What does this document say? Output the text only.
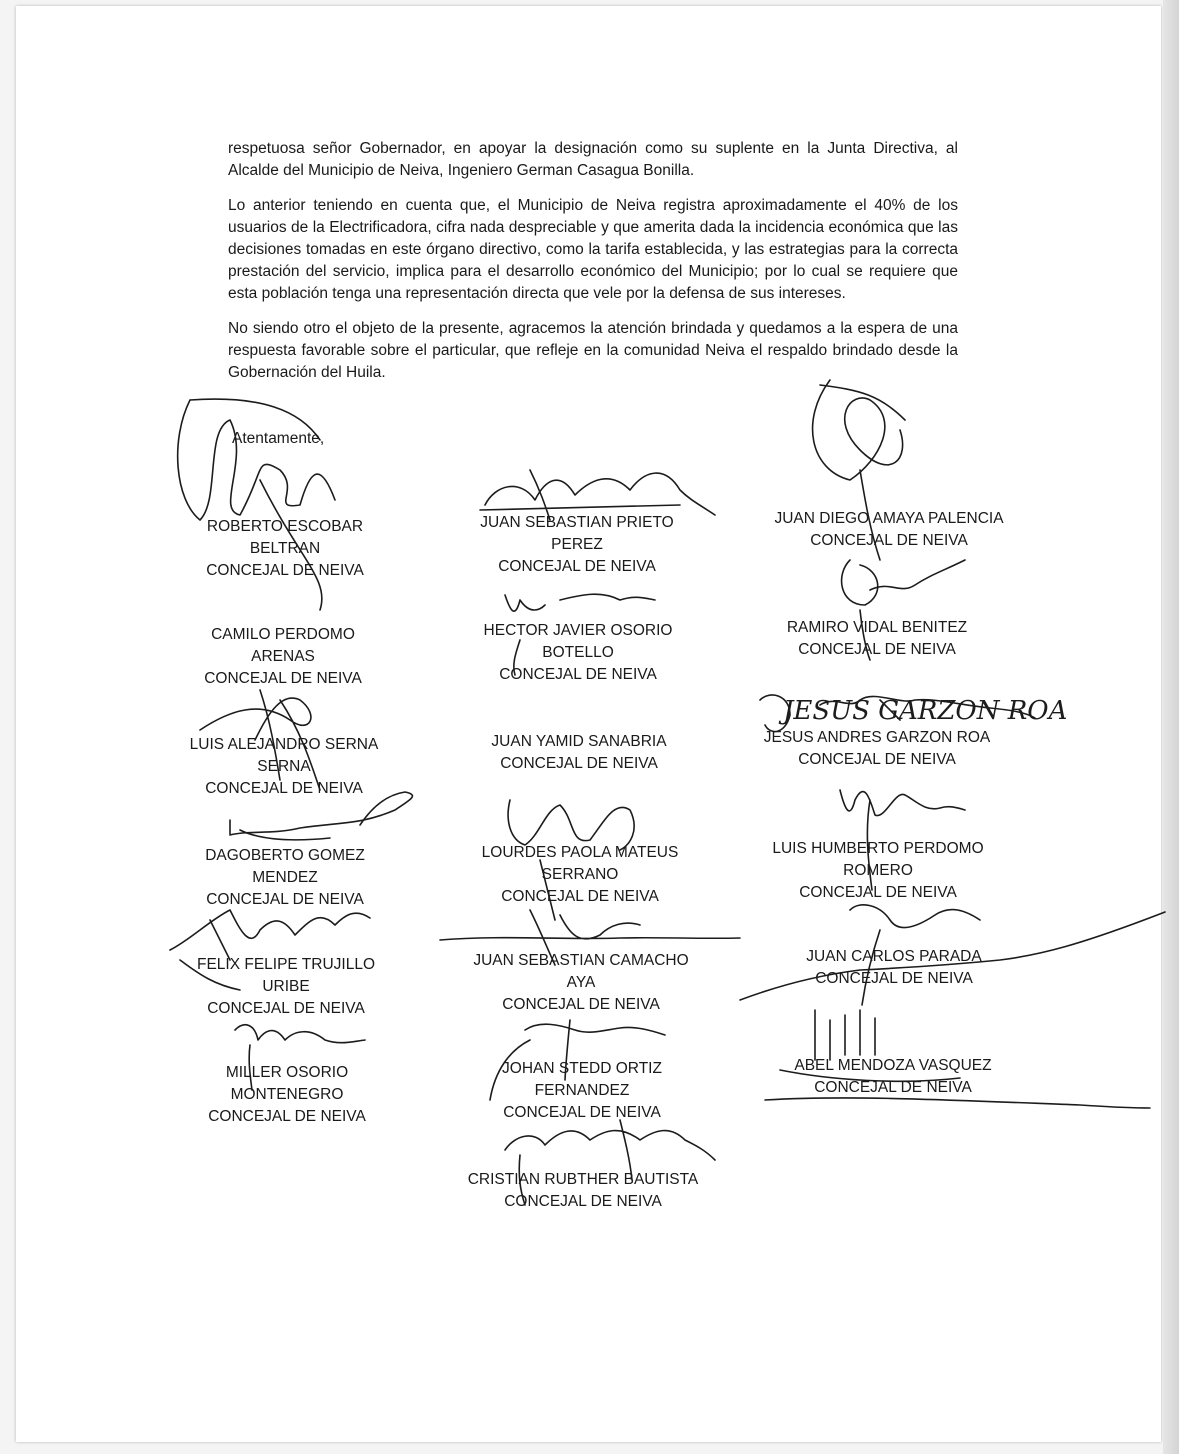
respetuosa señor Gobernador, en apoyar la designación como su suplente en la Junta Directiva, al Alcalde del Municipio de Neiva, Ingeniero German Casagua Bonilla.

Lo anterior teniendo en cuenta que, el Municipio de Neiva registra aproximadamente el 40% de los usuarios de la Electrificadora, cifra nada despreciable y que amerita dada la incidencia económica que las decisiones tomadas en este órgano directivo, como la tarifa establecida, y las estrategias para la correcta prestación del servicio, implica para el desarrollo económico del Municipio; por lo cual se requiere que esta población tenga una representación directa que vele por la defensa de sus intereses.

No siendo otro el objeto de la presente, agracemos la atención brindada y quedamos a la espera de una respuesta favorable sobre el particular, que refleje en la comunidad Neiva el respaldo brindado desde la Gobernación del Huila.

Atentamente,
ROBERTO ESCOBAR
BELTRAN
CONCEJAL DE NEIVA
JUAN SEBASTIAN PRIETO
PEREZ
CONCEJAL DE NEIVA
JUAN DIEGO AMAYA PALENCIA
CONCEJAL DE NEIVA
CAMILO PERDOMO
ARENAS
CONCEJAL DE NEIVA
HECTOR JAVIER OSORIO
BOTELLO
CONCEJAL DE NEIVA
RAMIRO VIDAL BENITEZ
CONCEJAL DE NEIVA
LUIS ALEJANDRO SERNA
SERNA
CONCEJAL DE NEIVA
JUAN YAMID SANABRIA
CONCEJAL DE NEIVA
JESUS ANDRES GARZON ROA
CONCEJAL DE NEIVA
DAGOBERTO GOMEZ
MENDEZ
CONCEJAL DE NEIVA
LOURDES PAOLA MATEUS
SERRANO
CONCEJAL DE NEIVA
LUIS HUMBERTO PERDOMO
ROMERO
CONCEJAL DE NEIVA
FELIX FELIPE TRUJILLO
URIBE
CONCEJAL DE NEIVA
JUAN SEBASTIAN CAMACHO
AYA
CONCEJAL DE NEIVA
JUAN CARLOS PARADA
CONCEJAL DE NEIVA
MILLER OSORIO
MONTENEGRO
CONCEJAL DE NEIVA
JOHAN STEDD ORTIZ
FERNANDEZ
CONCEJAL DE NEIVA
ABEL MENDOZA VASQUEZ
CONCEJAL DE NEIVA
CRISTIAN RUBTHER BAUTISTA
CONCEJAL DE NEIVA
JESUS GARZON ROA
